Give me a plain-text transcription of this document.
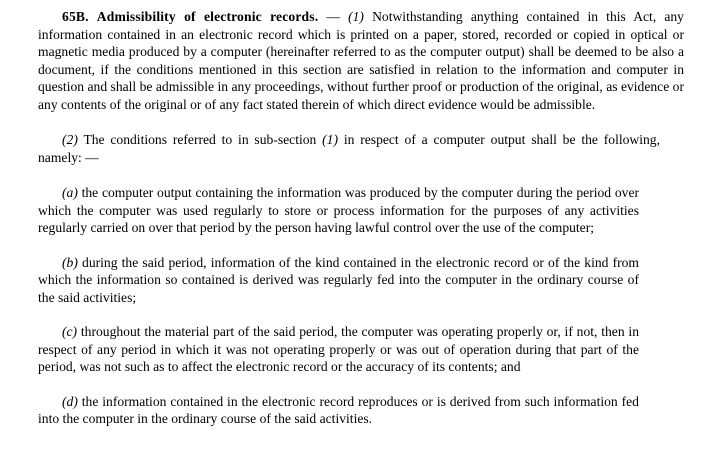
65B. Admissibility of electronic records. — (1) Notwithstanding anything contained in this Act, any information contained in an electronic record which is printed on a paper, stored, recorded or copied in optical or magnetic media produced by a computer (hereinafter referred to as the computer output) shall be deemed to be also a document, if the conditions mentioned in this section are satisfied in relation to the information and computer in question and shall be admissible in any proceedings, without further proof or production of the original, as evidence or any contents of the original or of any fact stated therein of which direct evidence would be admissible.

(2) The conditions referred to in sub-section (1) in respect of a computer output shall be the following, namely: —

(a) the computer output containing the information was produced by the computer during the period over which the computer was used regularly to store or process information for the purposes of any activities regularly carried on over that period by the person having lawful control over the use of the computer;

(b) during the said period, information of the kind contained in the electronic record or of the kind from which the information so contained is derived was regularly fed into the computer in the ordinary course of the said activities;

(c) throughout the material part of the said period, the computer was operating properly or, if not, then in respect of any period in which it was not operating properly or was out of operation during that part of the period, was not such as to affect the electronic record or the accuracy of its contents; and

(d) the information contained in the electronic record reproduces or is derived from such information fed into the computer in the ordinary course of the said activities.
